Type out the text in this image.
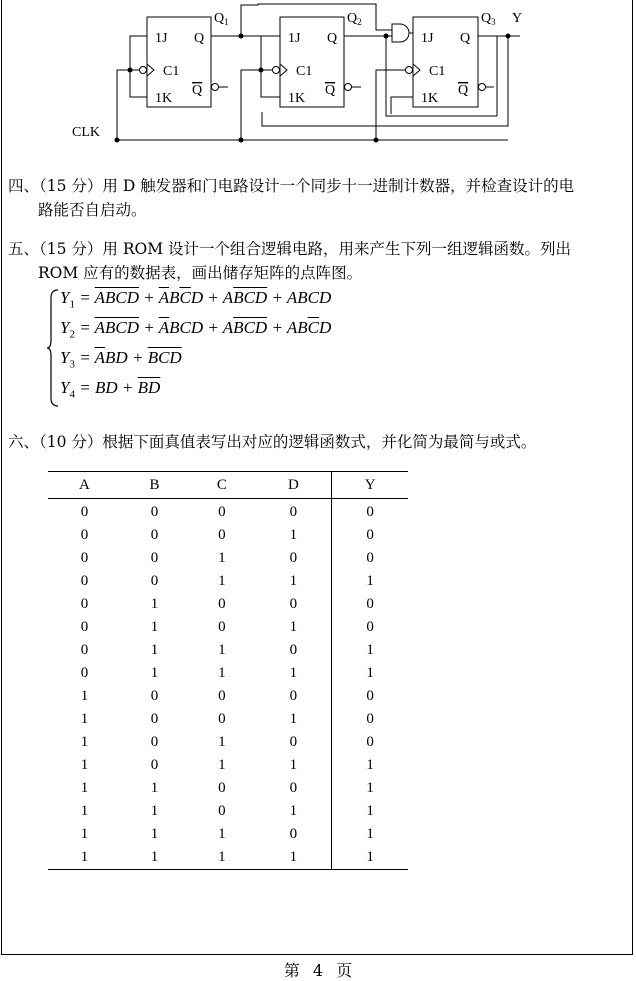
1J Q
C1
1K
Q
1J Q
C1
1K
Q
1J Q
C1
1K
Q
$Q_1$	$Q_2$	$Q_3$ Y
CLK
四、（15 分）用 D 触发器和门电路设计一个同步十一进制计数器，并检查设计的电
路能否自启动。
五、（15 分）用 ROM 设计一个组合逻辑电路，用来产生下列一组逻辑函数。列出
ROM 应有的数据表，画出储存矩阵的点阵图。
$Y_1 = \overline{A}\overline{B}\overline{CD} + \overline{A}B\overline{C}D + A\overline{B}\overline{C}\overline{D}$ + ABCD
$Y_2 = \overline{A}\overline{B}\overline{CD} + \overline{A}BCD + A\overline{B}\overline{C}\overline{D} + AB\overline{C}D$
$Y_3 = \overline{A}BD + \overline{B}\overline{CD}$
$Y_4$ = BD + $\overline{B}\overline{D}$
六、（10 分）根据下面真值表写出对应的逻辑函数式，并化简为最简与或式。
A	B	C	D	Y
0	0	0	0	0
0	0	0	1	0
0	0	1	0	0
0	0	1	1	1
0	1	0	0	0
0	1	0	1	0
0	1	1	0	1
0	1	1	1	1
1	0	0	0	0
1	0	0	1	0
1	0	1	0	0
1	0	1	1	1
1	1	0	0	1
1	1	0	1	1
1	1	1	0	1
1	1	1	1	1
第 4 页
